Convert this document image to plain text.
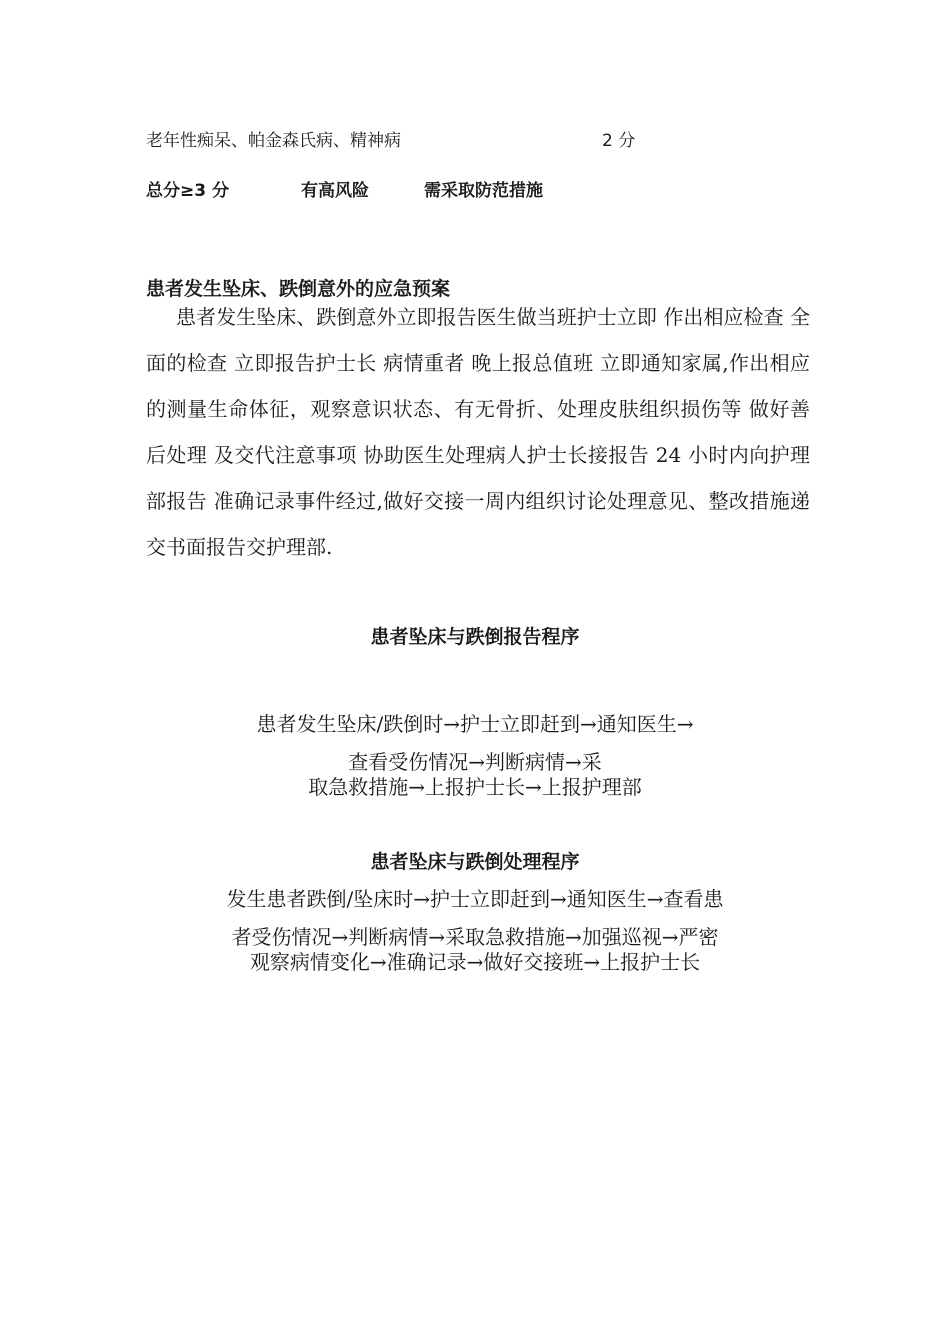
老年性痴呆、帕金森氏病、精神病	2 分
总分≥3 分	有高风险	需采取防范措施
患者发生坠床、跌倒意外的应急预案
患者发生坠床、跌倒意外立即报告医生做当班护士立即 作出相应检查 全面的检查 立即报告护士长 病情重者 晚上报总值班 立即通知家属,作出相应的测量生命体征，观察意识状态、有无骨折、处理皮肤组织损伤等 做好善后处理 及交代注意事项 协助医生处理病人护士长接报告 24 小时内向护理部报告 准确记录事件经过,做好交接一周内组织讨论处理意见、整改措施递交书面报告交护理部.
患者坠床与跌倒报告程序
患者发生坠床/跌倒时→护士立即赶到→通知医生→
查看受伤情况→判断病情→采
取急救措施→上报护士长→上报护理部
患者坠床与跌倒处理程序
发生患者跌倒/坠床时→护士立即赶到→通知医生→查看患
者受伤情况→判断病情→采取急救措施→加强巡视→严密
观察病情变化→准确记录→做好交接班→上报护士长
